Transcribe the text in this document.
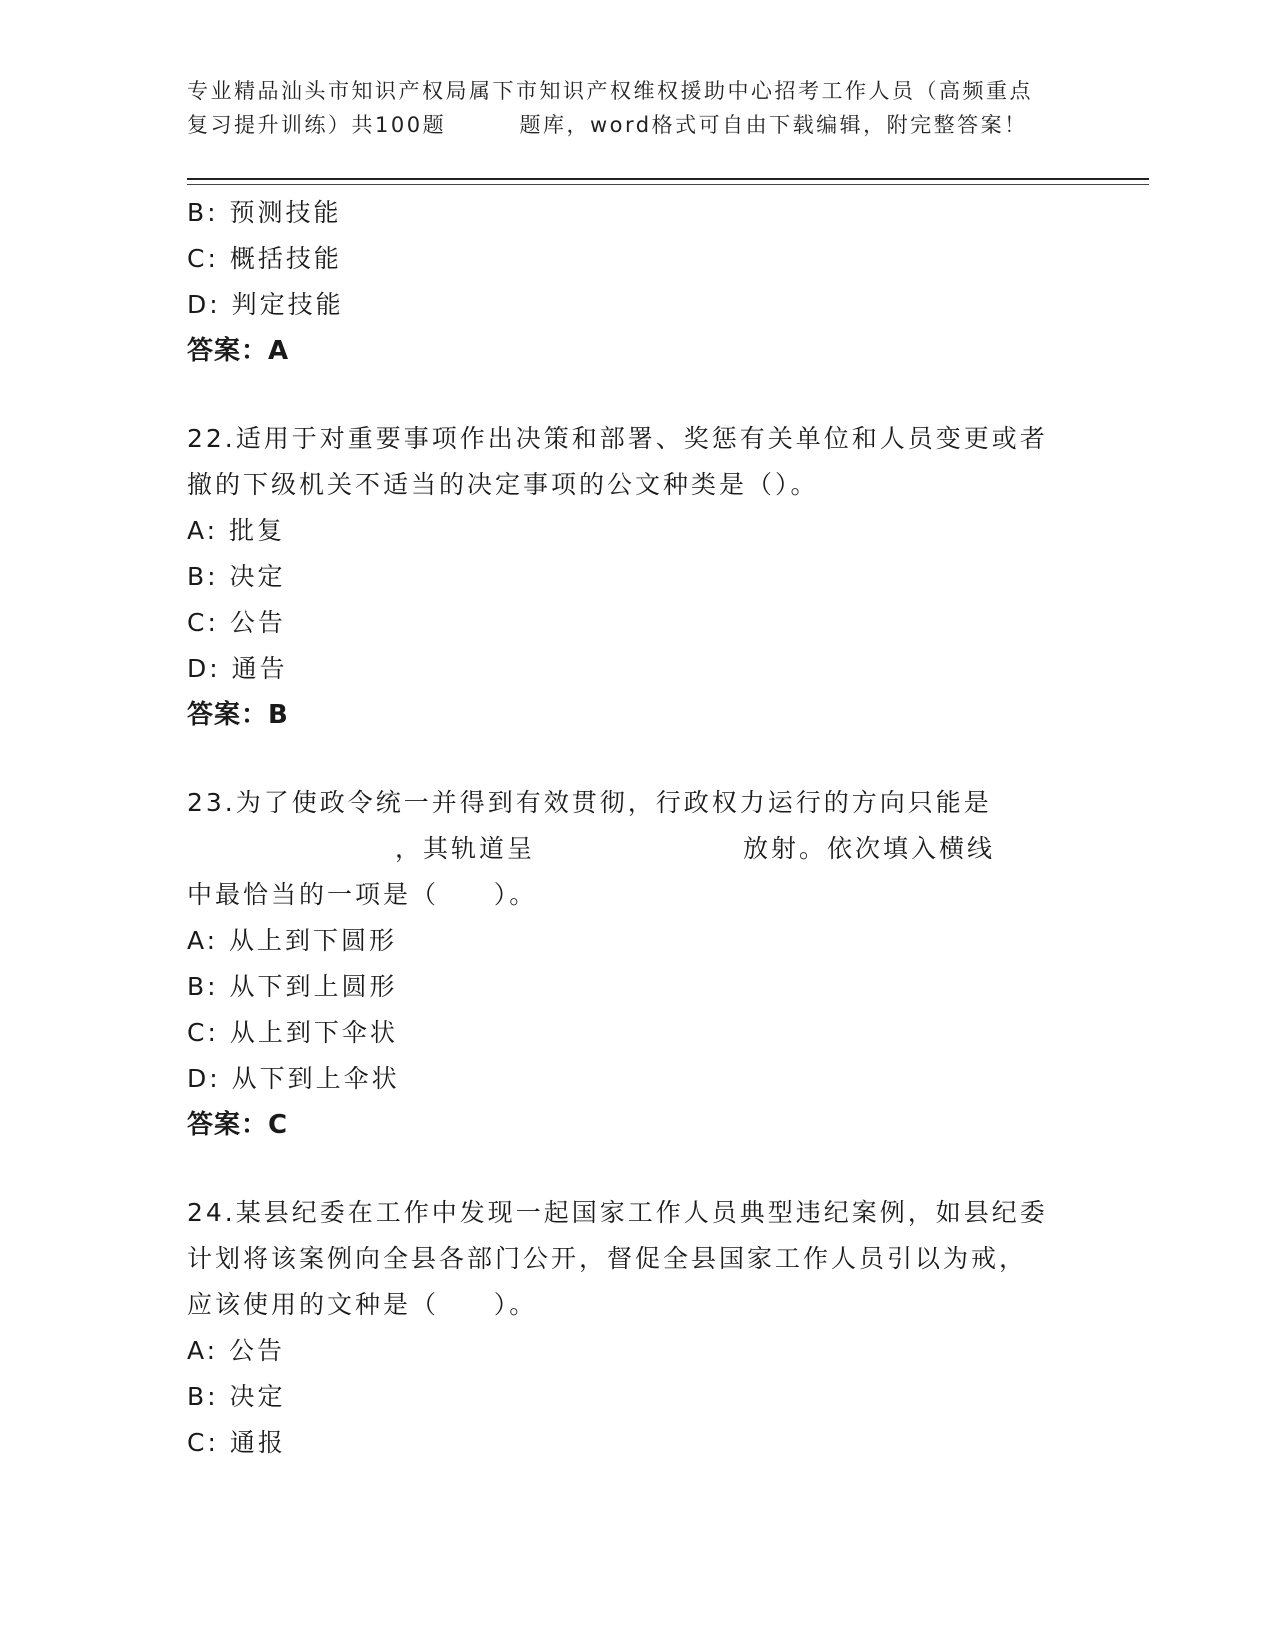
专业精品汕头市知识产权局属下市知识产权维权援助中心招考工作人员（高频重点
复习提升训练）共100题        题库，word格式可自由下载编辑，附完整答案！
B: 预测技能
C: 概括技能
D: 判定技能
答案：A
22.适用于对重要事项作出决策和部署、奖惩有关单位和人员变更或者
撤的下级机关不适当的决定事项的公文种类是（）。
A: 批复
B: 决定
C: 公告
D: 通告
答案：B
23.为了使政令统一并得到有效贯彻，行政权力运行的方向只能是
，其轨道呈                   放射。依次填入横线
中最恰当的一项是（     ）。
A: 从上到下圆形
B: 从下到上圆形
C: 从上到下伞状
D: 从下到上伞状
答案：C
24.某县纪委在工作中发现一起国家工作人员典型违纪案例，如县纪委
计划将该案例向全县各部门公开，督促全县国家工作人员引以为戒，
应该使用的文种是（     ）。
A: 公告
B: 决定
C: 通报
